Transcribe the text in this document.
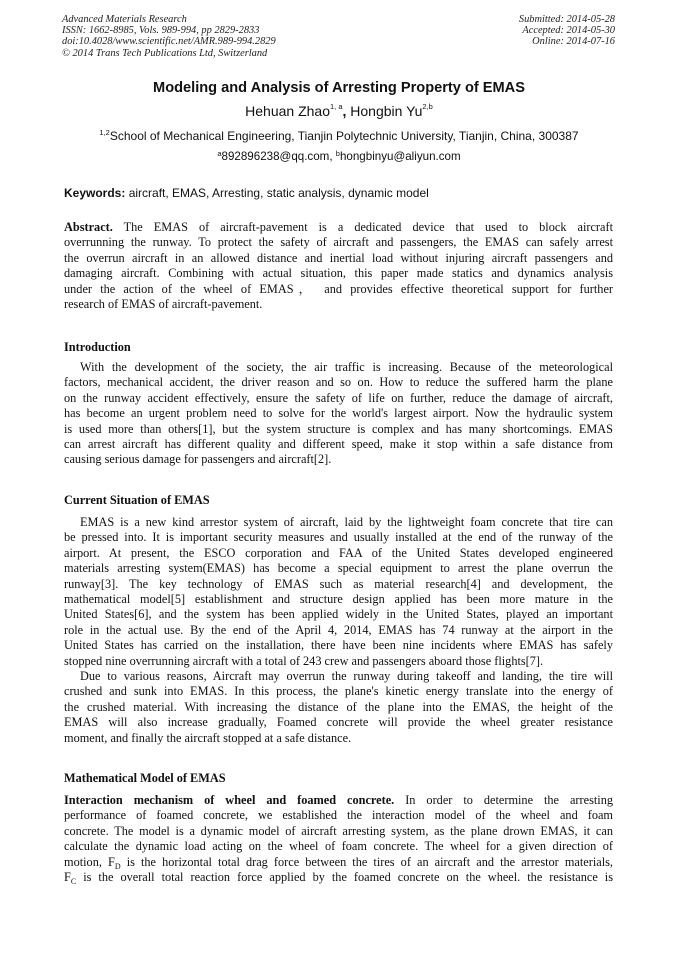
Advanced Materials Research
ISSN: 1662-8985, Vols. 989-994, pp 2829-2833
doi:10.4028/www.scientific.net/AMR.989-994.2829
© 2014 Trans Tech Publications Ltd, Switzerland
Submitted: 2014-05-28
Accepted: 2014-05-30
Online: 2014-07-16
Modeling and Analysis of Arresting Property of EMAS
Hehuan Zhao$^{1, a}$, Hongbin Yu$^{2,b}$
$^{1,2}$School of Mechanical Engineering, Tianjin Polytechnic University, Tianjin, China, 300387
$^a$892896238@qq.com, $^b$hongbinyu@aliyun.com
Keywords: aircraft, EMAS, Arresting, static analysis, dynamic model
Abstract. The EMAS of aircraft-pavement is a dedicated device that used to block aircraft
overrunning the runway. To protect the safety of aircraft and passengers, the EMAS can safely arrest
the overrun aircraft in an allowed distance and inertial load without injuring aircraft passengers and
damaging aircraft. Combining with actual situation, this paper made statics and dynamics analysis
under the action of the wheel of EMAS， and provides effective theoretical support for further
research of EMAS of aircraft-pavement.
Introduction
With the development of the society, the air traffic is increasing. Because of the meteorological
factors, mechanical accident, the driver reason and so on. How to reduce the suffered harm the plane
on the runway accident effectively, ensure the safety of life on further, reduce the damage of aircraft,
has become an urgent problem need to solve for the world's largest airport. Now the hydraulic system
is used more than others[1], but the system structure is complex and has many shortcomings. EMAS
can arrest aircraft has different quality and different speed, make it stop within a safe distance from
causing serious damage for passengers and aircraft[2].
Current Situation of EMAS
EMAS is a new kind arrestor system of aircraft, laid by the lightweight foam concrete that tire can
be pressed into. It is important security measures and usually installed at the end of the runway of the
airport. At present, the ESCO corporation and FAA of the United States developed engineered
materials arresting system(EMAS) has become a special equipment to arrest the plane overrun the
runway[3]. The key technology of EMAS such as material research[4] and development, the
mathematical model[5] establishment and structure design applied has been more mature in the
United States[6], and the system has been applied widely in the United States, played an important
role in the actual use. By the end of the April 4, 2014, EMAS has 74 runway at the airport in the
United States has carried on the installation, there have been nine incidents where EMAS has safely
stopped nine overrunning aircraft with a total of 243 crew and passengers aboard those flights[7].
Due to various reasons, Aircraft may overrun the runway during takeoff and landing, the tire will
crushed and sunk into EMAS. In this process, the plane's kinetic energy translate into the energy of
the crushed material. With increasing the distance of the plane into the EMAS, the height of the
EMAS will also increase gradually, Foamed concrete will provide the wheel greater resistance
moment, and finally the aircraft stopped at a safe distance.
Mathematical Model of EMAS
Interaction mechanism of wheel and foamed concrete. In order to determine the arresting
performance of foamed concrete, we established the interaction model of the wheel and foam
concrete. The model is a dynamic model of aircraft arresting system, as the plane drown EMAS, it can
calculate the dynamic load acting on the wheel of foam concrete. The wheel for a given direction of
motion, $F_D$ is the horizontal total drag force between the tires of an aircraft and the arrestor materials,
$F_C$ is the overall total reaction force applied by the foamed concrete on the wheel. the resistance is
